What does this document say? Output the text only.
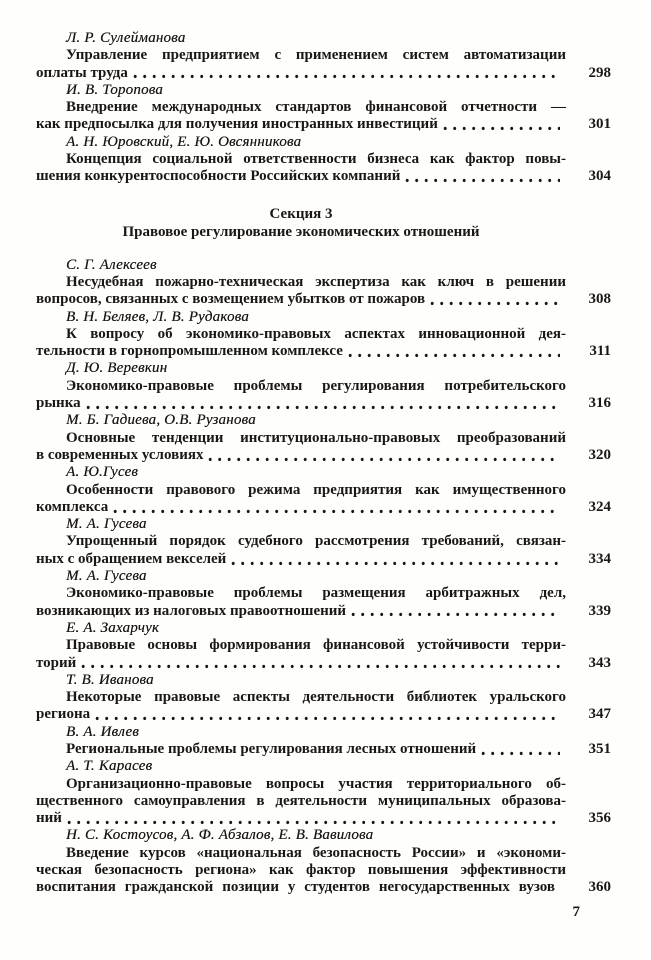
Л. Р. Сулейманова
Управление предприятием с применением систем автоматизации
оплаты труда	298
И. В. Торопова
Внедрение международных стандартов финансовой отчетности —
как предпосылка для получения иностранных инвестиций	301
А. Н. Юровский, Е. Ю. Овсянникова
Концепция социальной ответственности бизнеса как фактор повы-
шения конкурентоспособности Российских компаний	304
Секция 3
Правовое регулирование экономических отношений
С. Г. Алексеев
Несудебная пожарно-техническая экспертиза как ключ в решении
вопросов, связанных с возмещением убытков от пожаров	308
В. Н. Беляев, Л. В. Рудакова
К вопросу об экономико-правовых аспектах инновационной дея-
тельности в горнопромышленном комплексе	311
Д. Ю. Веревкин
Экономико-правовые проблемы регулирования потребительского
рынка	316
М. Б. Гадиева, О.В. Рузанова
Основные тенденции институционально-правовых преобразований
в современных условиях	320
А. Ю.Гусев
Особенности правового режима предприятия как имущественного
комплекса	324
М. А. Гусева
Упрощенный порядок судебного рассмотрения требований, связан-
ных с обращением векселей	334
М. А. Гусева
Экономико-правовые проблемы размещения арбитражных дел,
возникающих из налоговых правоотношений	339
Е. А. Захарчук
Правовые основы формирования финансовой устойчивости терри-
торий	343
Т. В. Иванова
Некоторые правовые аспекты деятельности библиотек уральского
региона	347
В. А. Ивлев
Региональные проблемы регулирования лесных отношений	351
А. Т. Карасев
Организационно-правовые вопросы участия территориального об-
щественного самоуправления в деятельности муниципальных образова-
ний	356
Н. С. Костоусов, А. Ф. Абзалов, Е. В. Вавилова
Введение курсов «национальная безопасность России» и «экономи-
ческая безопасность региона» как фактор повышения эффективности
воспитания гражданской позиции у студентов негосударственных вузов	360
7
